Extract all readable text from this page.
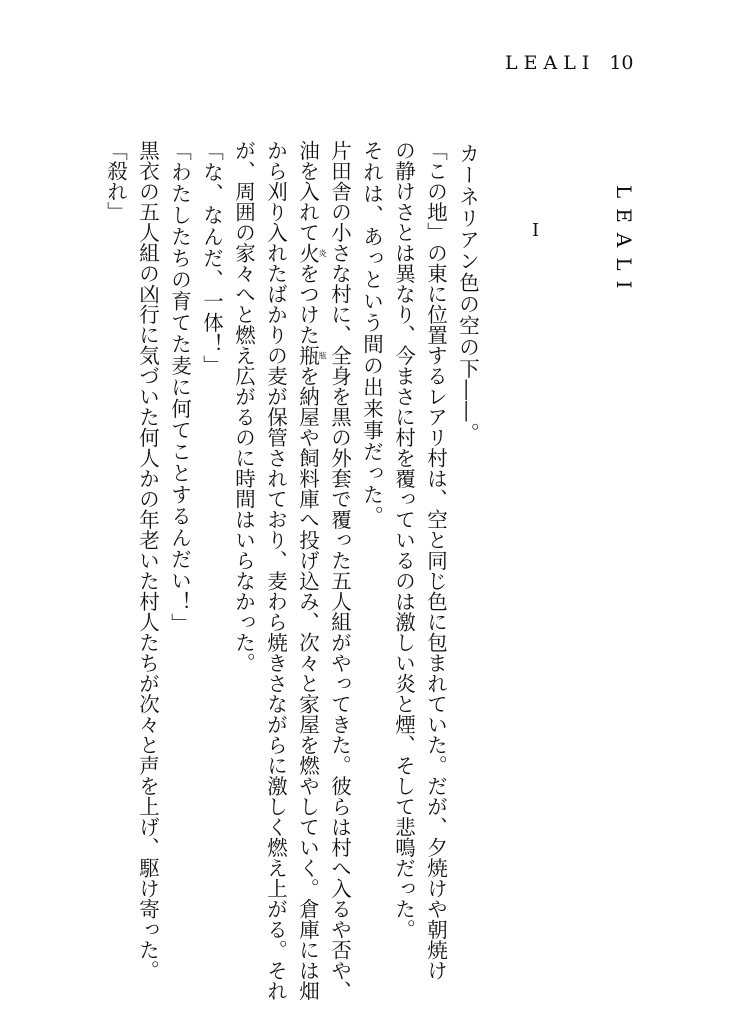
LEALI 10
LEALI
Ⅰ
カーネリアン色の空の下――。
「この地」の東に位置するレアリ村は、空と同じ色に包まれていた。だが、夕焼けや朝焼け
の静けさとは異なり、今まさに村を覆っているのは激しい炎と煙、そして悲鳴だった。
それは、あっという間の出来事だった。
片田舎の小さな村に、全身を黒の外套で覆った五人組がやってきた。彼らは村へ入るや否や、
油を入れて火炎をつけた瓶瓶を納屋や飼料庫へ投げ込み、次々と家屋を燃やしていく。倉庫には畑
から刈り入れたばかりの麦が保管されており、麦わら焼きさながらに激しく燃え上がる。それ
が、周囲の家々へと燃え広がるのに時間はいらなかった。
「な、なんだ、一体！」
「わたしたちの育てた麦に何てことするんだい！」
黒衣の五人組の凶行に気づいた何人かの年老いた村人たちが次々と声を上げ、駆け寄った。
「殺れ」
